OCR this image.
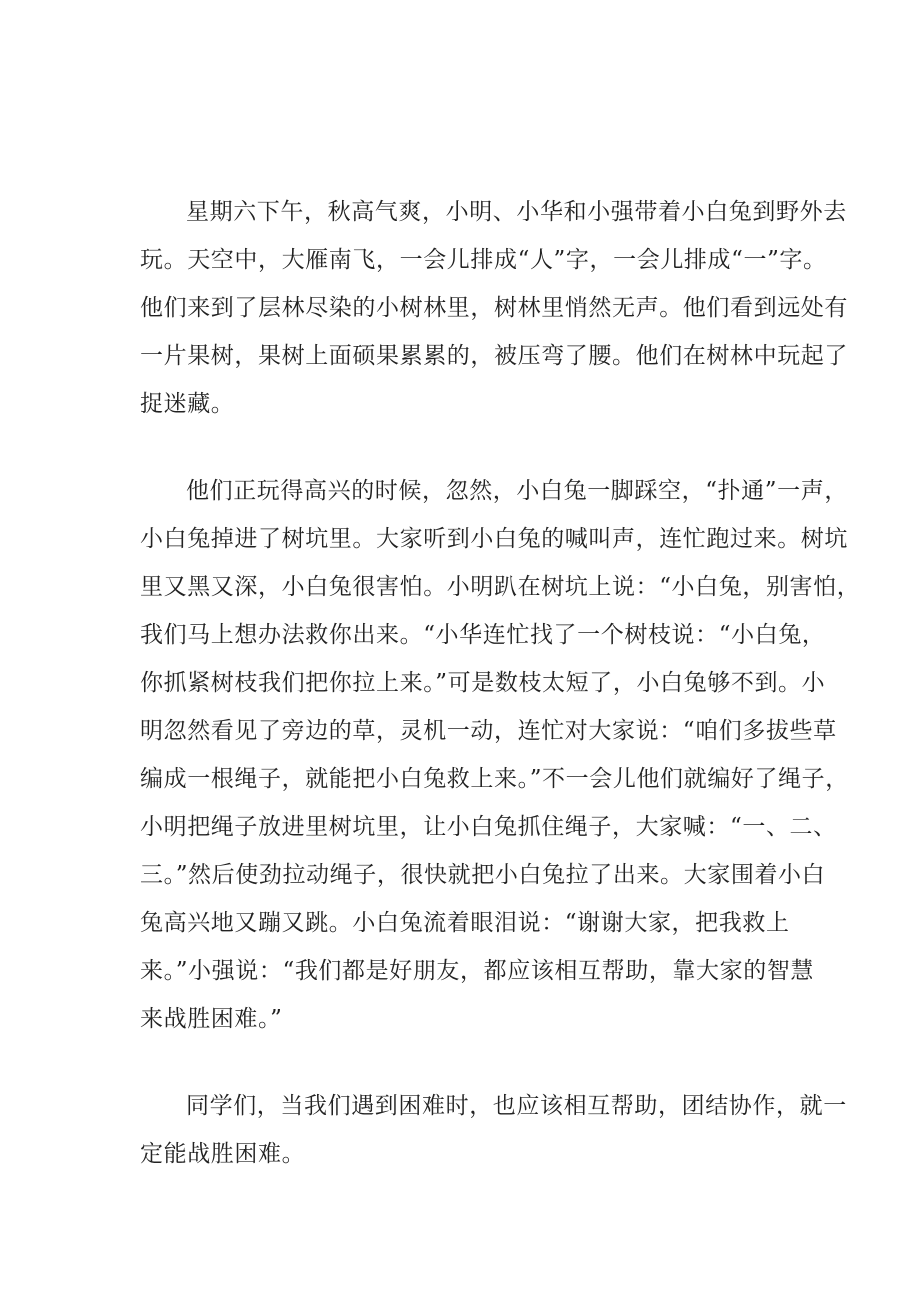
星期六下午，秋高气爽，小明、小华和小强带着小白兔到野外去
玩。天空中，大雁南飞，一会儿排成“人”字，一会儿排成“一”字。
他们来到了层林尽染的小树林里，树林里悄然无声。他们看到远处有
一片果树，果树上面硕果累累的，被压弯了腰。他们在树林中玩起了
捉迷藏。

他们正玩得高兴的时候，忽然，小白兔一脚踩空，“扑通”一声，
小白兔掉进了树坑里。大家听到小白兔的喊叫声，连忙跑过来。树坑
里又黑又深，小白兔很害怕。小明趴在树坑上说：“小白兔，别害怕，
我们马上想办法救你出来。“小华连忙找了一个树枝说：“小白兔，
你抓紧树枝我们把你拉上来。”可是数枝太短了，小白兔够不到。小
明忽然看见了旁边的草，灵机一动，连忙对大家说：“咱们多拔些草
编成一根绳子，就能把小白兔救上来。”不一会儿他们就编好了绳子，
小明把绳子放进里树坑里，让小白兔抓住绳子，大家喊：“一、二、
三。”然后使劲拉动绳子，很快就把小白兔拉了出来。大家围着小白
兔高兴地又蹦又跳。小白兔流着眼泪说：“谢谢大家，把我救上
来。”小强说：“我们都是好朋友，都应该相互帮助，靠大家的智慧
来战胜困难。”

同学们，当我们遇到困难时，也应该相互帮助，团结协作，就一
定能战胜困难。
